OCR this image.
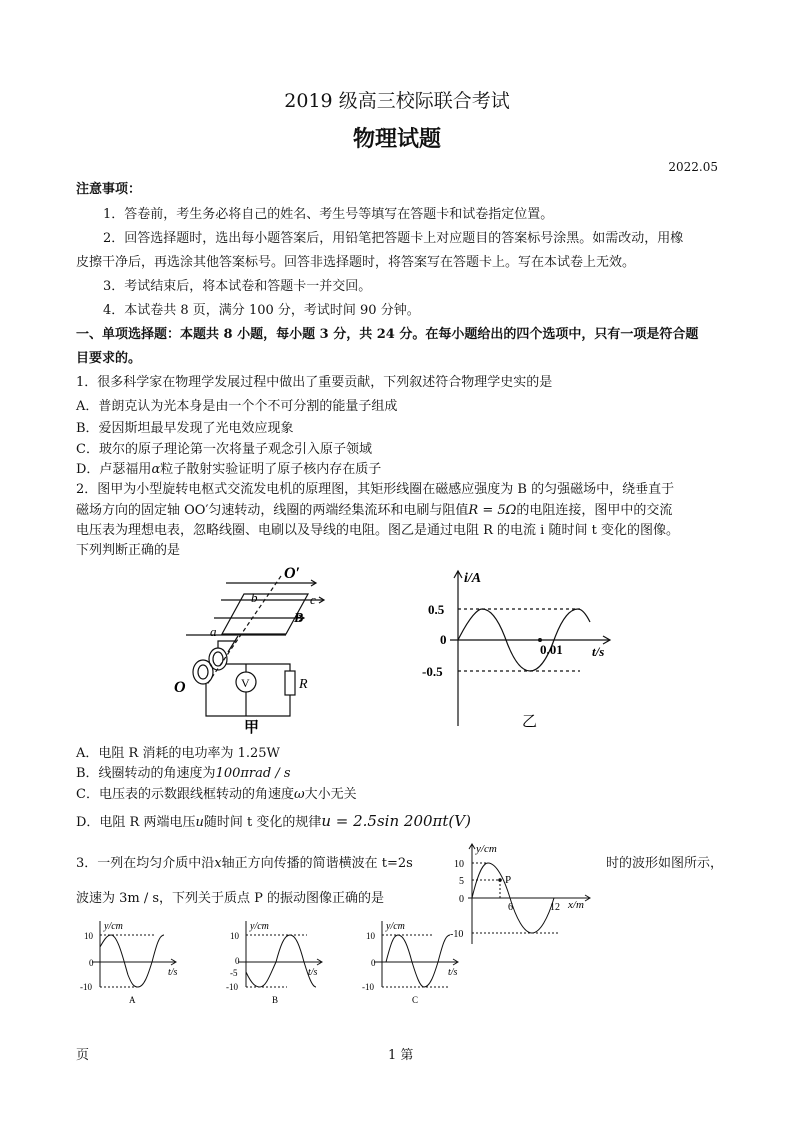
2019 级高三校际联合考试
物理试题
2022.05
注意事项：
1．答卷前，考生务必将自己的姓名、考生号等填写在答题卡和试卷指定位置。
2．回答选择题时，选出每小题答案后，用铅笔把答题卡上对应题目的答案标号涂黑。如需改动，用橡
皮擦干净后，再选涂其他答案标号。回答非选择题时，将答案写在答题卡上。写在本试卷上无效。
3．考试结束后，将本试卷和答题卡一并交回。
4．本试卷共 8 页，满分 100 分，考试时间 90 分钟。
一、单项选择题：本题共 8 小题，每小题 3 分，共 24 分。在每小题给出的四个选项中，只有一项是符合题
目要求的。
1．很多科学家在物理学发展过程中做出了重要贡献，下列叙述符合物理学史实的是
A．普朗克认为光本身是由一个个不可分割的能量子组成
B．爱因斯坦最早发现了光电效应现象
C．玻尔的原子理论第一次将量子观念引入原子领域
D．卢瑟福用α粒子散射实验证明了原子核内存在质子
2．图甲为小型旋转电枢式交流发电机的原理图，其矩形线圈在磁感应强度为 B 的匀强磁场中，绕垂直于
磁场方向的固定轴 OO′匀速转动，线圈的两端经集流环和电刷与阻值R = 5Ω的电阻连接，图甲中的交流
电压表为理想电表，忽略线圈、电刷以及导线的电阻。图乙是通过电阻 R 的电流 i 随时间 t 变化的图像。
下列判断正确的是
O′
b	c
B
a
O	V	R
甲
i/A
0.5
0
-0.5
0.01 t/s
乙
A．电阻 R 消耗的电功率为 1.25W
B．线圈转动的角速度为100πrad / s
C．电压表的示数跟线框转动的角速度ω大小无关
D．电阻 R 两端电压u随时间 t 变化的规律u = 2.5sin 200πt(V)
3．一列在均匀介质中沿x轴正方向传播的简谐横波在 t=2s	时的波形如图所示，
波速为 3m / s，下列关于质点 P 的振动图像正确的是
y/cm
10
5
0
-10
P
6	12 x/m
y/cm
10
0
-10
t/s
A
y/cm
10
0
-5
-10
t/s
B
y/cm
10
0
-10
t/s
C
页	1 第
